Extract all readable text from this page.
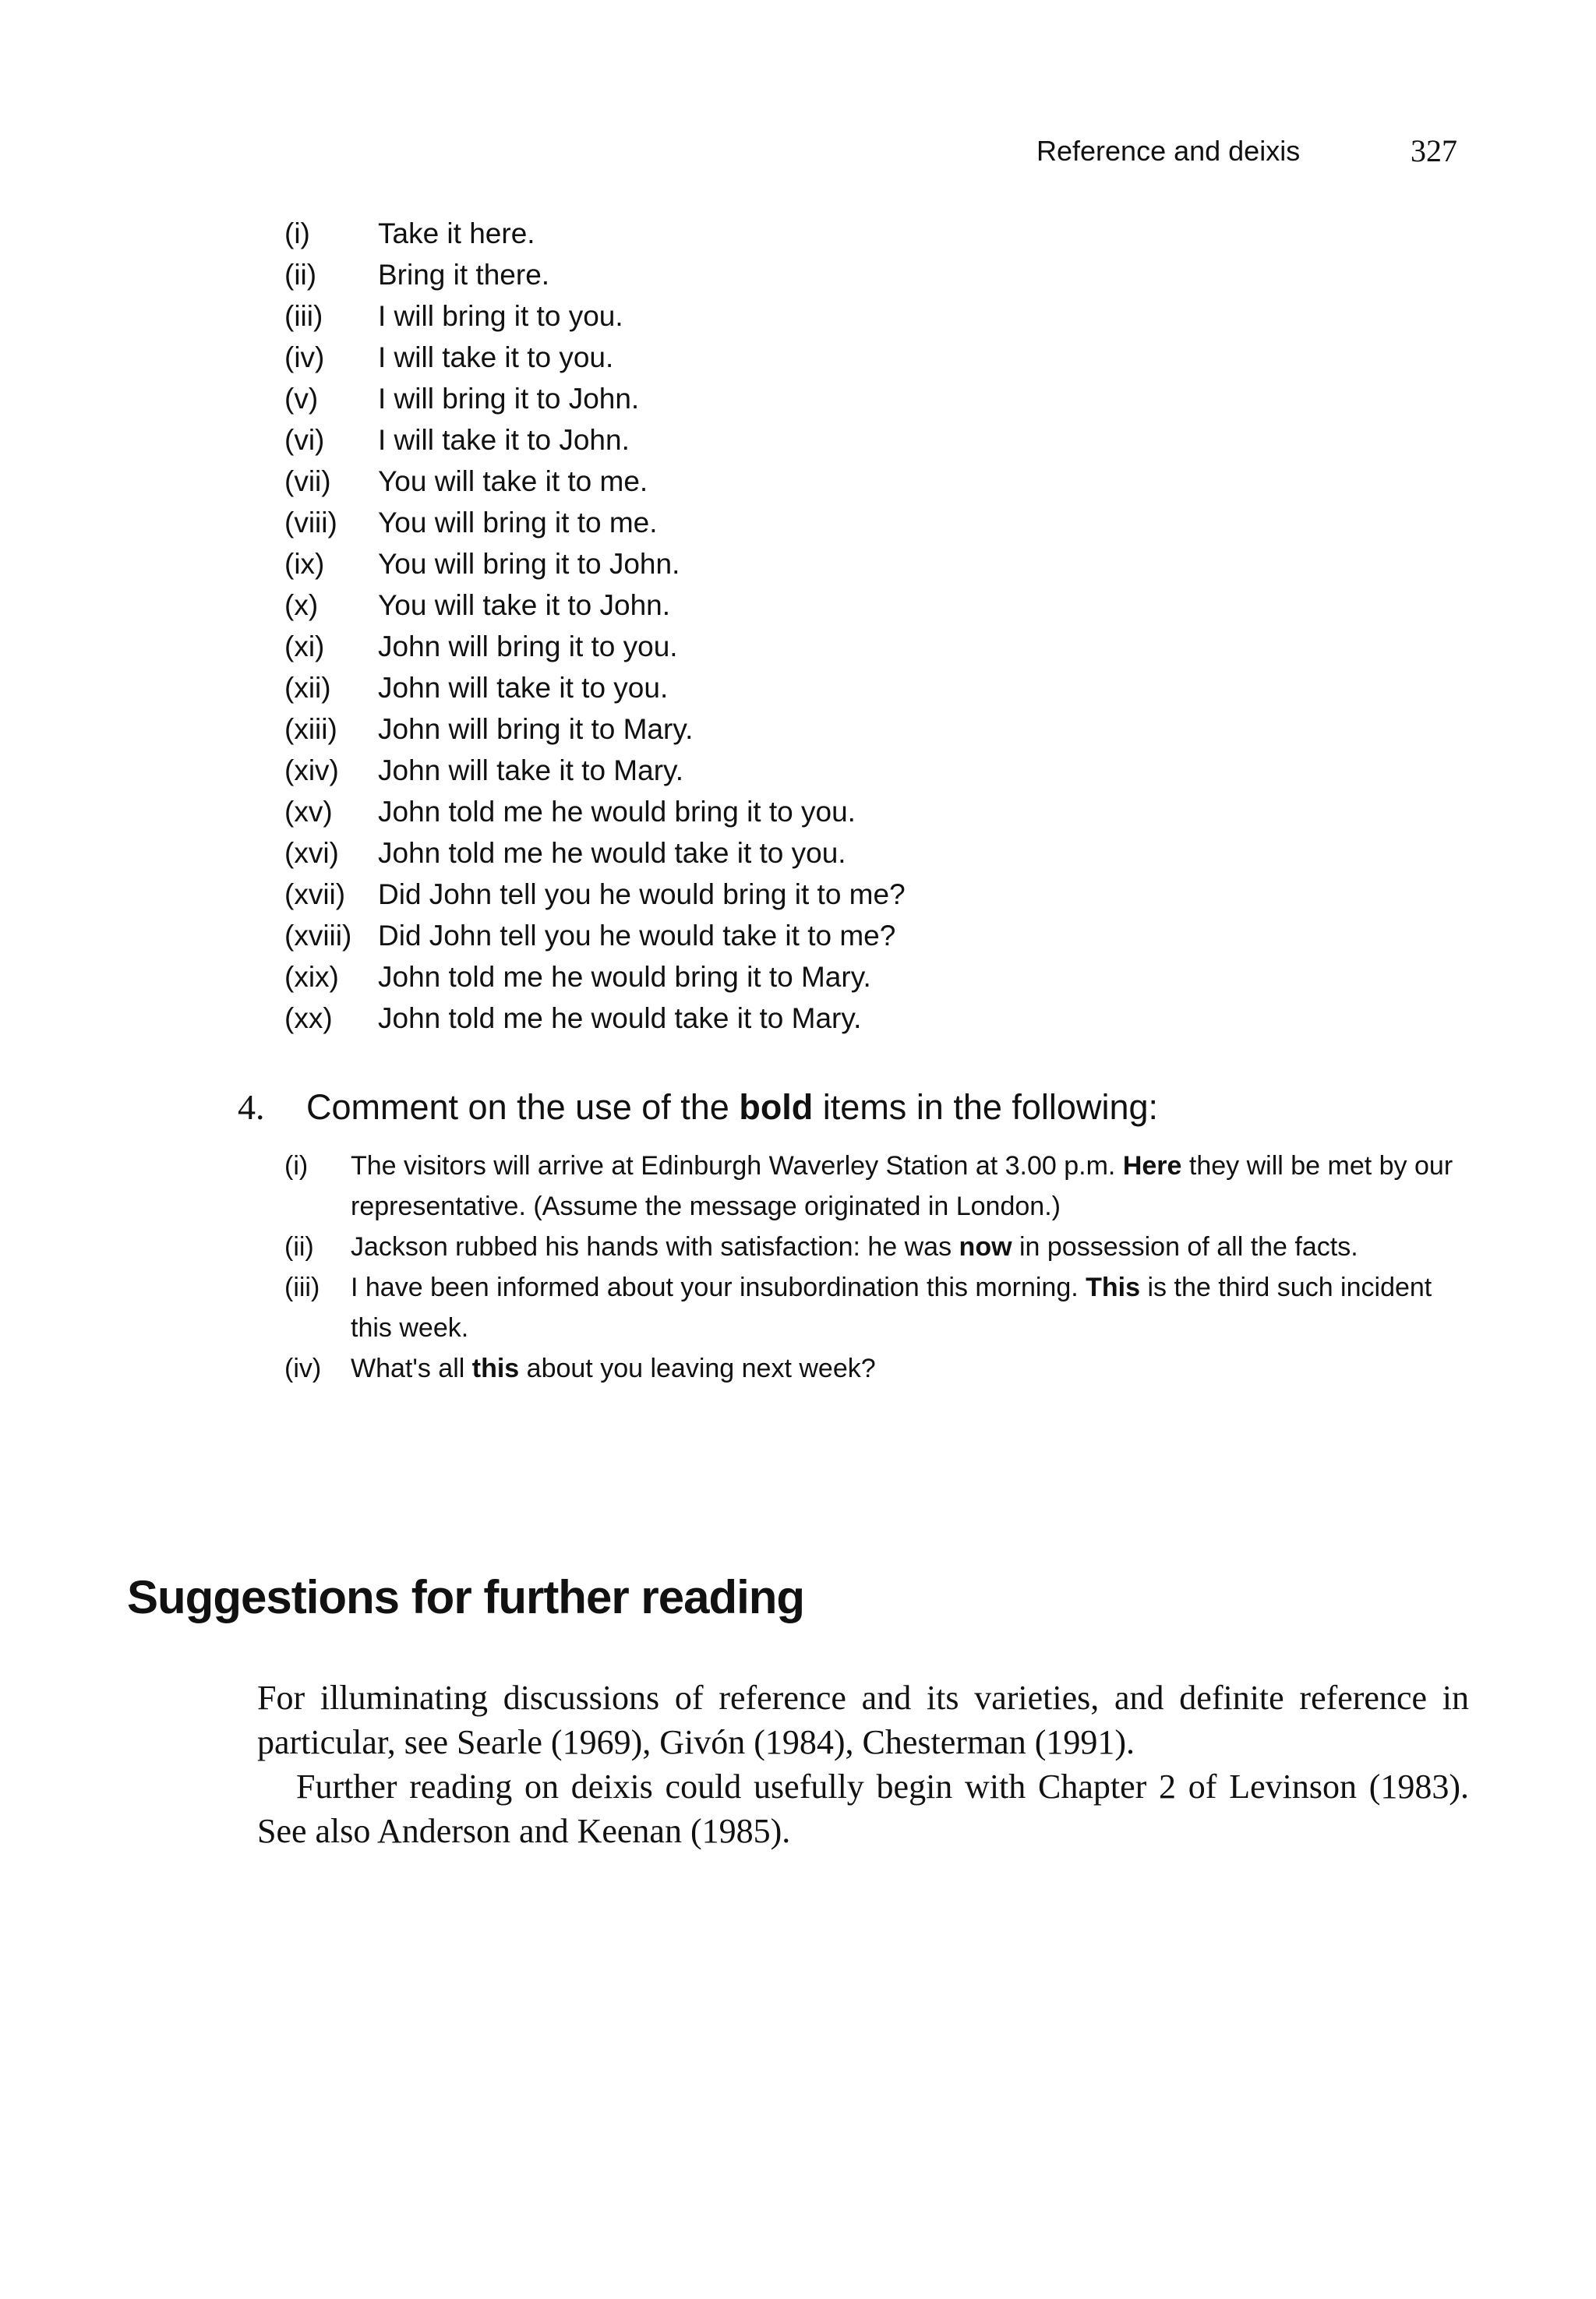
Reference and deixis	327
(i)	Take it here.
(ii)	Bring it there.
(iii)	I will bring it to you.
(iv)	I will take it to you.
(v)	I will bring it to John.
(vi)	I will take it to John.
(vii)	You will take it to me.
(viii)	You will bring it to me.
(ix)	You will bring it to John.
(x)	You will take it to John.
(xi)	John will bring it to you.
(xii)	John will take it to you.
(xiii)	John will bring it to Mary.
(xiv)	John will take it to Mary.
(xv)	John told me he would bring it to you.
(xvi)	John told me he would take it to you.
(xvii)	Did John tell you he would bring it to me?
(xviii) Did John tell you he would take it to me?
(xix)	John told me he would bring it to Mary.
(xx)	John told me he would take it to Mary.
4. Comment on the use of the bold items in the following:
(i) The visitors will arrive at Edinburgh Waverley Station at 3.00 p.m. Here they will be met by our representative. (Assume the message originated in London.)
(ii) Jackson rubbed his hands with satisfaction: he was now in possession of all the facts.
(iii) I have been informed about your insubordination this morning. This is the third such incident this week.
(iv) What's all this about you leaving next week?
Suggestions for further reading

For illuminating discussions of reference and its varieties, and definite reference in particular, see Searle (1969), Givón (1984), Chesterman (1991).

Further reading on deixis could usefully begin with Chapter 2 of Levinson (1983). See also Anderson and Keenan (1985).
